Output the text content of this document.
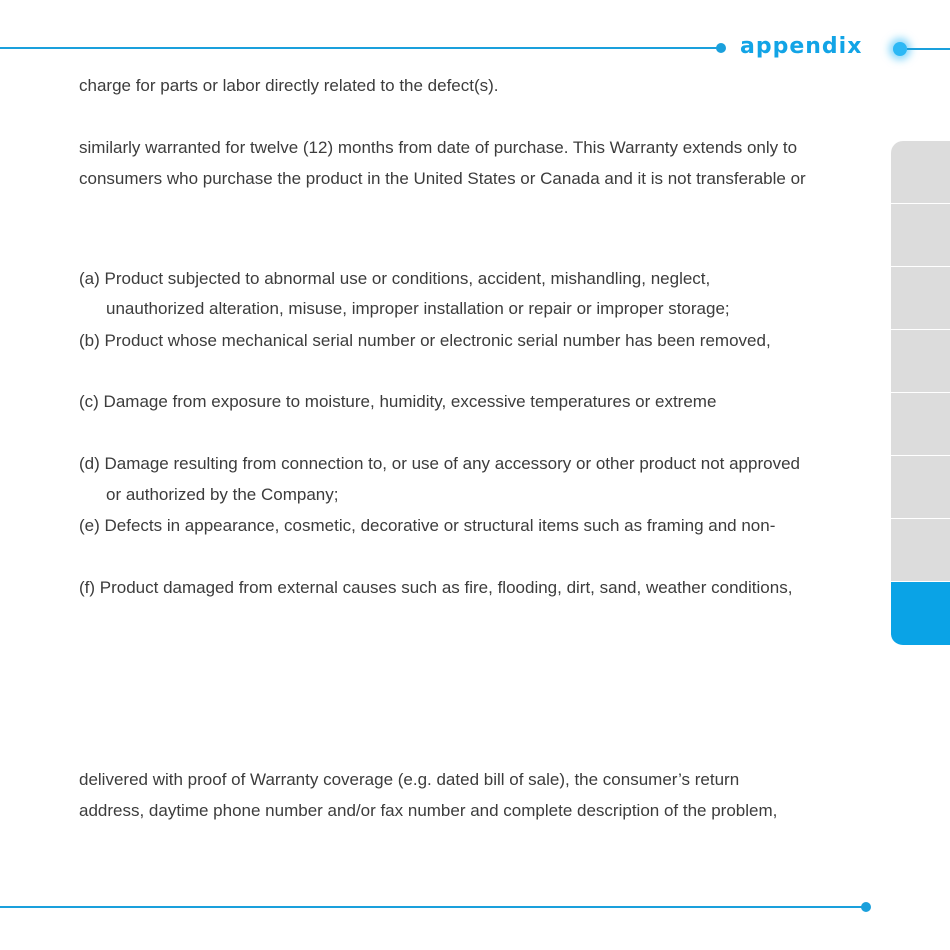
appendix
charge for parts or labor directly related to the defect(s).
similarly warranted for twelve (12) months from date of purchase. This Warranty extends only to
consumers who purchase the product in the United States or Canada and it is not transferable or
(a) Product subjected to abnormal use or conditions, accident, mishandling, neglect,
unauthorized alteration, misuse, improper installation or repair or improper storage;
(b) Product whose mechanical serial number or electronic serial number has been removed,
(c) Damage from exposure to moisture, humidity, excessive temperatures or extreme
(d) Damage resulting from connection to, or use of any accessory or other product not approved
or authorized by the Company;
(e) Defects in appearance, cosmetic, decorative or structural items such as framing and non-
(f) Product damaged from external causes such as fire, flooding, dirt, sand, weather conditions,
delivered with proof of Warranty coverage (e.g. dated bill of sale), the consumer’s return
address, daytime phone number and/or fax number and complete description of the problem,
